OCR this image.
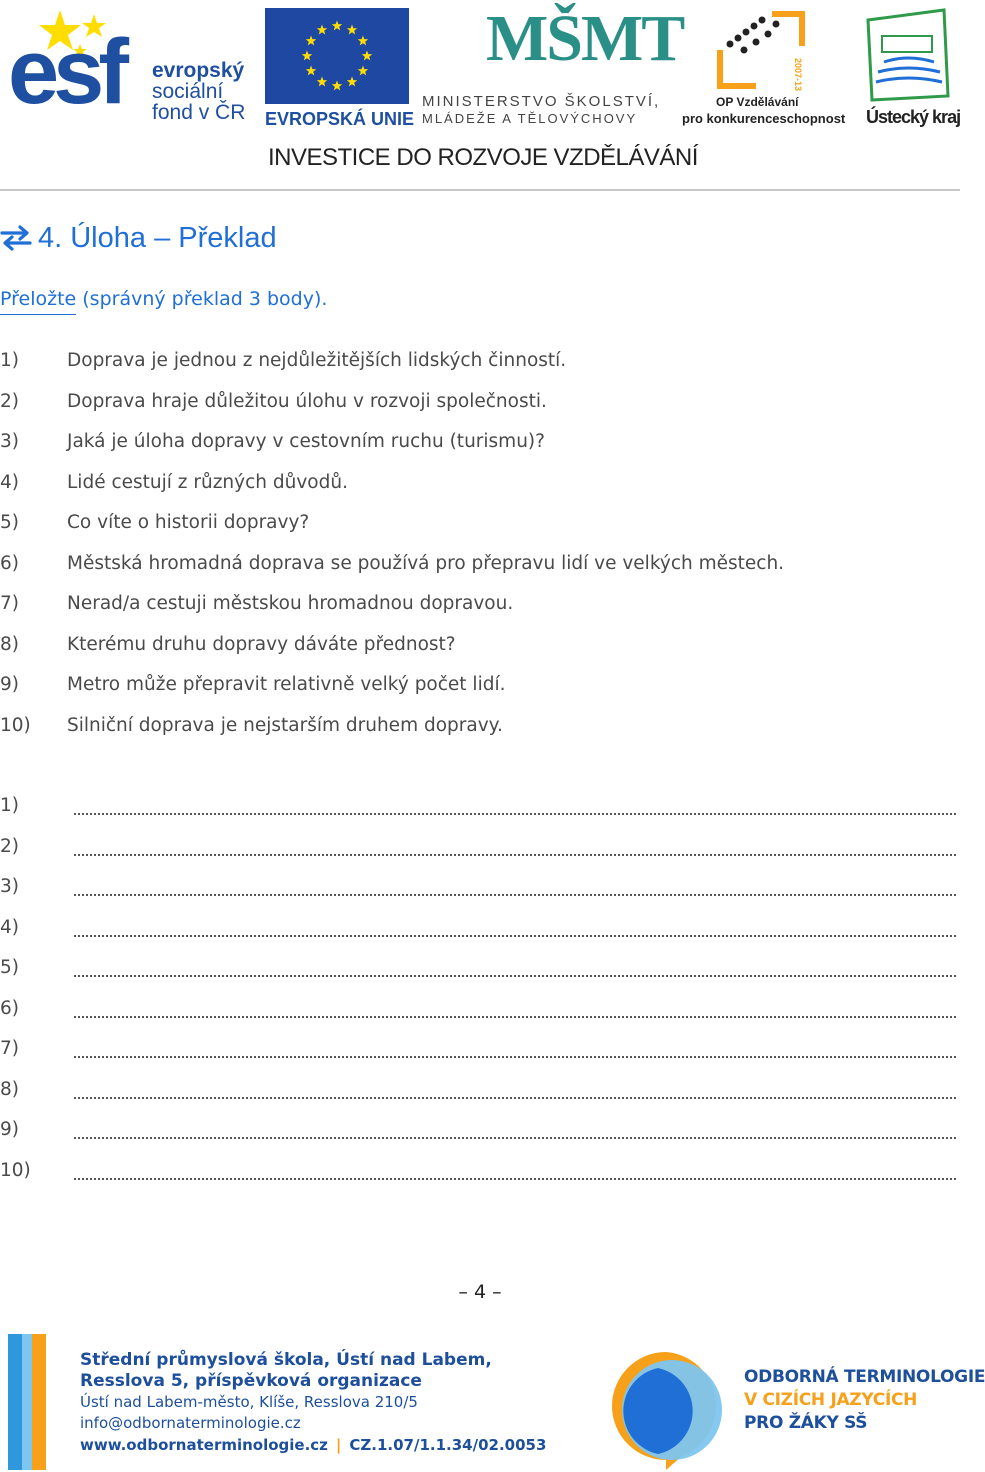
esf evropský
sociální
fond v ČR EVROPSKÁ UNIE
MŠMT
MINISTERSTVO ŠKOLSTVÍ,
MLÁDEŽE A TĚLOVÝCHOVY
2007-13
OP Vzdělávání
pro konkurenceschopnost Ústecký kraj
INVESTICE DO ROZVOJE VZDĚLÁVÁNÍ
4. Úloha – Překlad
Přeložte (správný překlad 3 body).
1)	Doprava je jednou z nejdůležitějších lidských činností.
2)	Doprava hraje důležitou úlohu v rozvoji společnosti.
3)	Jaká je úloha dopravy v cestovním ruchu (turismu)?
4)	Lidé cestují z různých důvodů.
5)	Co víte o historii dopravy?
6)	Městská hromadná doprava se používá pro přepravu lidí ve velkých městech.
7)	Nerad/a cestuji městskou hromadnou dopravou.
8)	Kterému druhu dopravy dáváte přednost?
9)	Metro může přepravit relativně velký počet lidí.
10)	Silniční doprava je nejstarším druhem dopravy.
1)
2)
3)
4)
5)
6)
7)
8)
9)
10)
– 4 –
Střední průmyslová škola, Ústí nad Labem,
Resslova 5, příspěvková organizace
Ústí nad Labem-město, Klíše, Resslova 210/5
info@odbornaterminologie.cz
www.odbornaterminologie.cz | CZ.1.07/1.1.34/02.0053
ODBORNÁ TERMINOLOGIE
V CIZÍCH JAZYCÍCH
PRO ŽÁKY SŠ
